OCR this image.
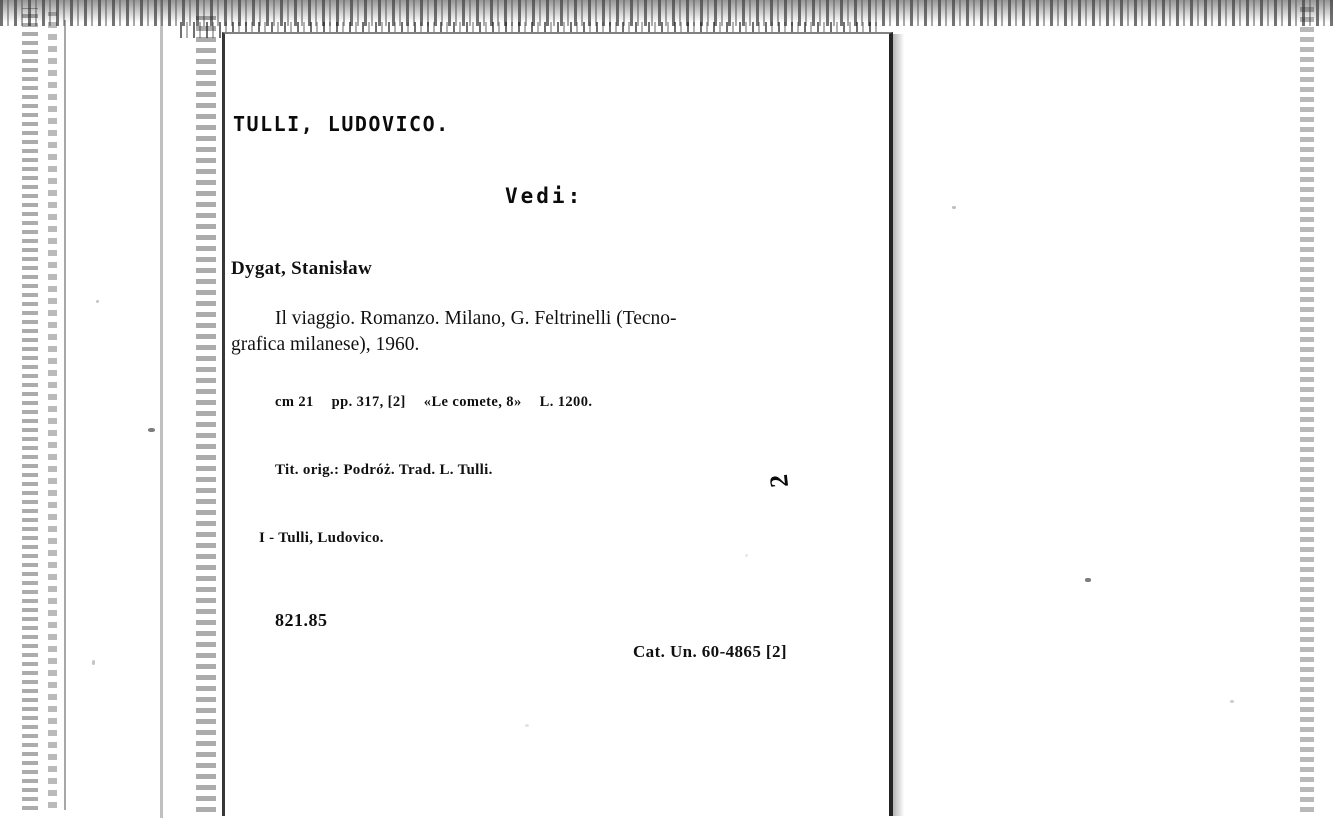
TULLI, LUDOVICO.
Vedi:
Dygat, Stanisław
Il viaggio. Romanzo. Milano, G. Feltrinelli (Tecno-
grafica milanese), 1960.
cm 21 pp. 317, [2] «Le comete, 8» L. 1200.
Tit. orig.: Podróż. Trad. L. Tulli.
I - Tulli, Ludovico.
821.85
Cat. Un. 60-4865 [2]
2
